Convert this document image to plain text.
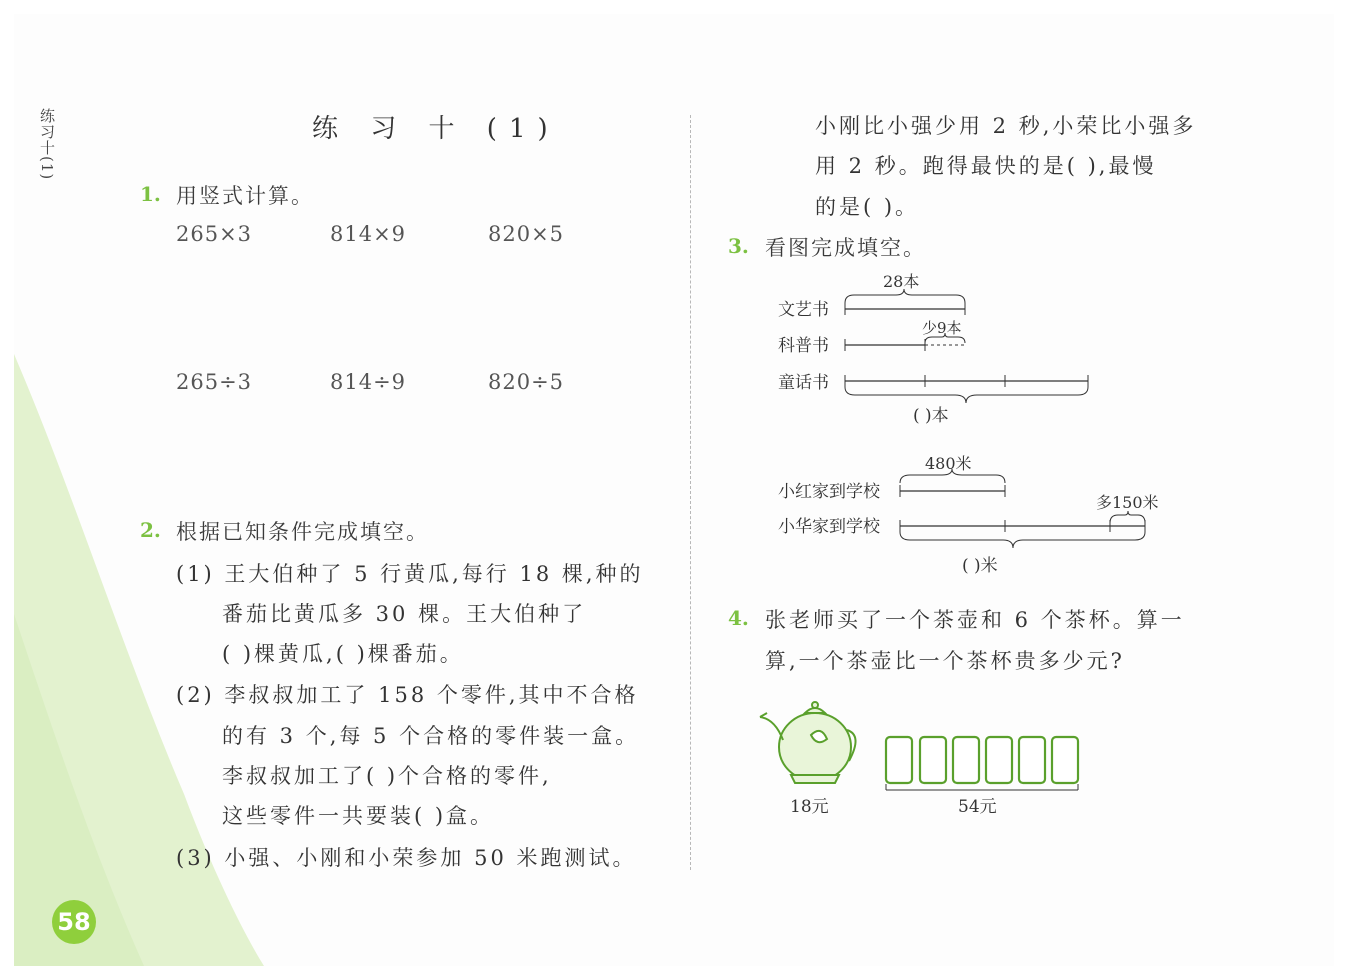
练习十(1)	练 习 十 (1)
1. 用竖式计算。
265×3	814×9	820×5
265÷3	814÷9	820÷5
2. 根据已知条件完成填空。
(1) 王大伯种了 5 行黄瓜,每行 18 棵,种的
番茄比黄瓜多 30 棵。王大伯种了
( )棵黄瓜,( )棵番茄。
(2) 李叔叔加工了 158 个零件,其中不合格
的有 3 个,每 5 个合格的零件装一盒。
李叔叔加工了( )个合格的零件,
这些零件一共要装( )盒。
(3) 小强、小刚和小荣参加 50 米跑测试。
小刚比小强少用 2 秒,小荣比小强多
用 2 秒。跑得最快的是( ),最慢
的是( )。
3. 看图完成填空。
28本
文艺书
少9本
科普书
童话书
( )本
480米
小红家到学校
多150米
小华家到学校
( )米
4. 张老师买了一个茶壶和 6 个茶杯。算一
算,一个茶壶比一个茶杯贵多少元?
18元	54元
58
